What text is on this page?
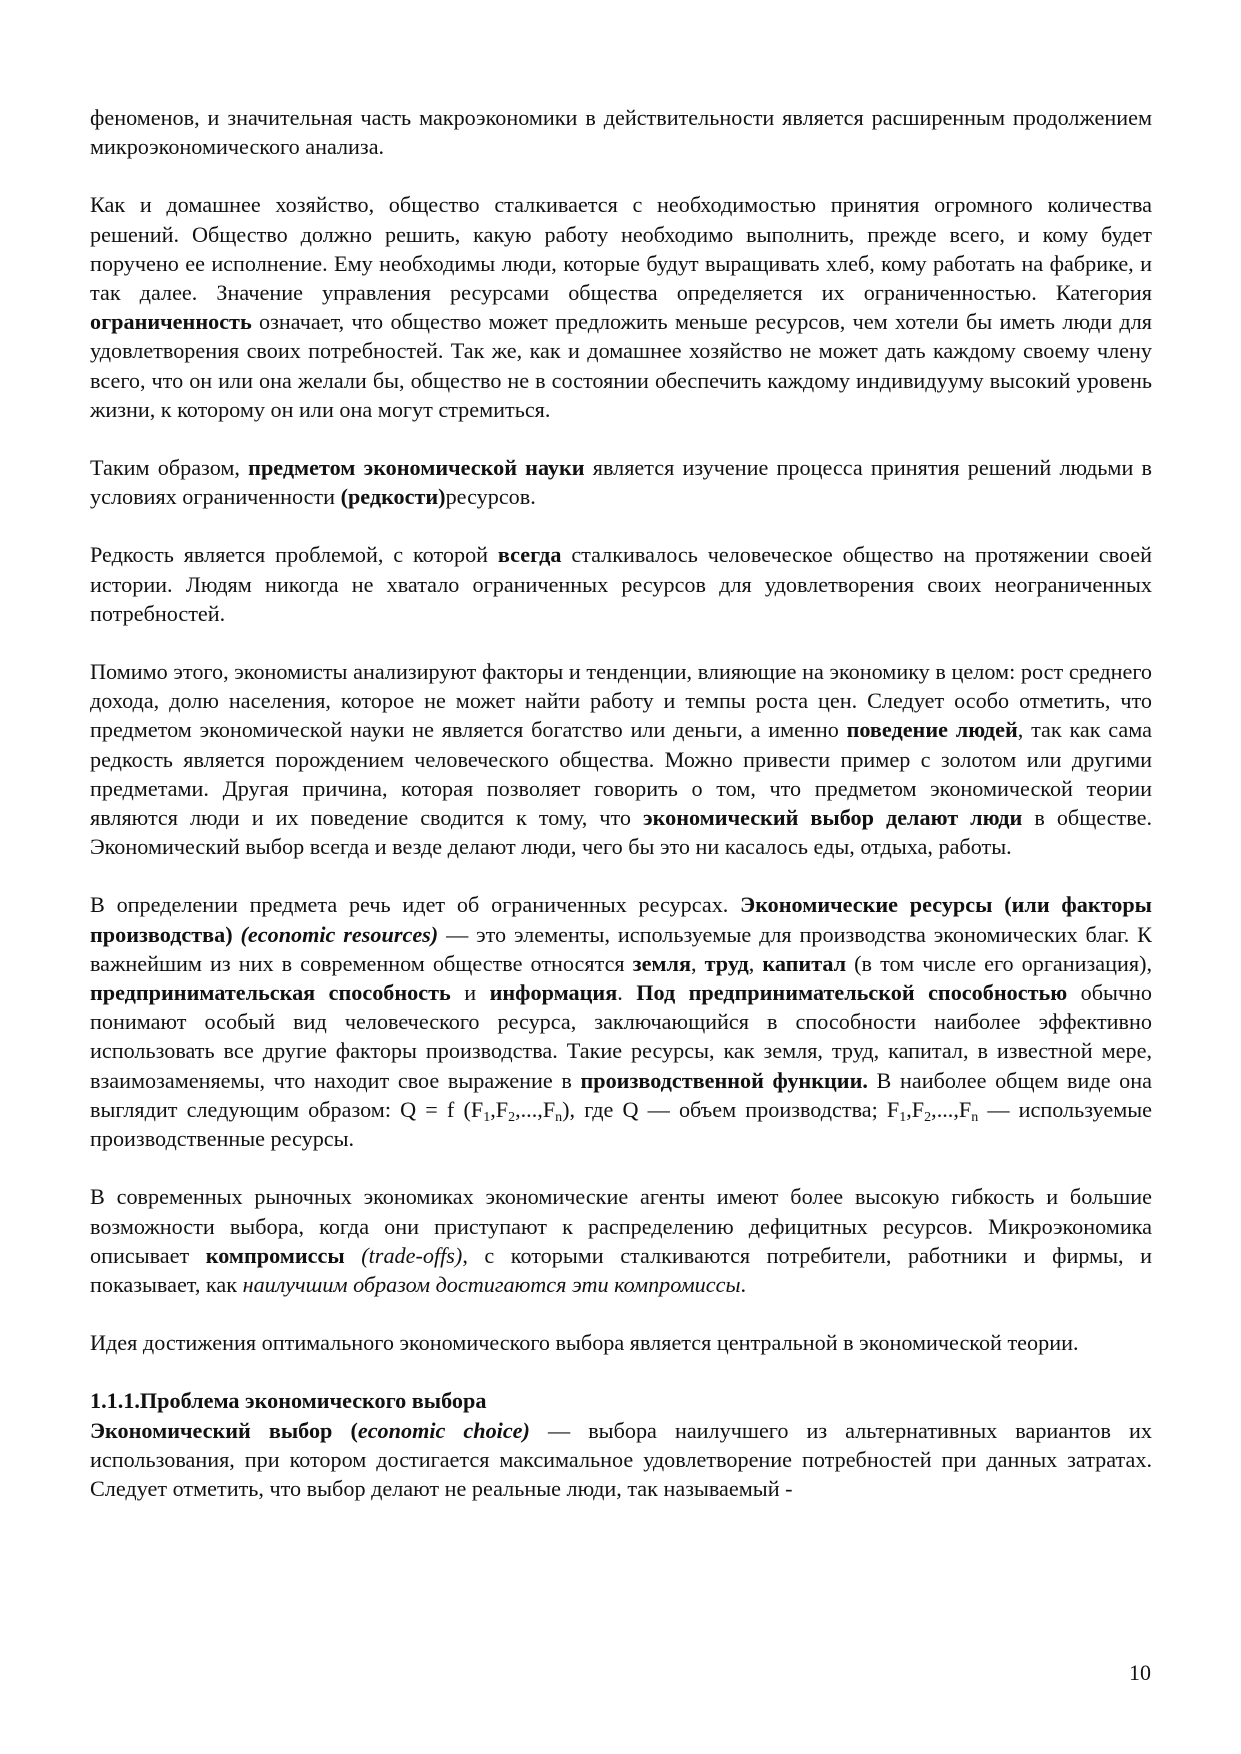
феноменов, и значительная часть макроэкономики в действительности является расширенным продолжением микроэкономического анализа.

Как и домашнее хозяйство, общество сталкивается с необходимостью принятия огромного количества решений. Общество должно решить, какую работу необходимо выполнить, прежде всего, и кому будет поручено ее исполнение. Ему необходимы люди, которые будут выращивать хлеб, кому работать на фабрике, и так далее. Значение управления ресурсами общества определяется их ограниченностью. Категория ограниченность означает, что общество может предложить меньше ресурсов, чем хотели бы иметь люди для удовлетворения своих потребностей. Так же, как и домашнее хозяйство не может дать каждому своему члену всего, что он или она желали бы, общество не в состоянии обеспечить каждому индивидууму высокий уровень жизни, к которому он или она могут стремиться.

Таким образом, предметом экономической науки является изучение процесса принятия решений людьми в условиях ограниченности (редкости)ресурсов.

Редкость является проблемой, с которой всегда сталкивалось человеческое общество на протяжении своей истории. Людям никогда не хватало ограниченных ресурсов для удовлетворения своих неограниченных потребностей.

Помимо этого, экономисты анализируют факторы и тенденции, влияющие на экономику в целом: рост среднего дохода, долю населения, которое не может найти работу и темпы роста цен. Следует особо отметить, что предметом экономической науки не является богатство или деньги, а именно поведение людей, так как сама редкость является порождением человеческого общества. Можно привести пример с золотом или другими предметами. Другая причина, которая позволяет говорить о том, что предметом экономической теории являются люди и их поведение сводится к тому, что экономический выбор делают люди в обществе. Экономический выбор всегда и везде делают люди, чего бы это ни касалось еды, отдыха, работы.

В определении предмета речь идет об ограниченных ресурсах. Экономические ресурсы (или факторы производства) (economic resources) — это элементы, используемые для производства экономических благ. К важнейшим из них в современном обществе относятся земля, труд, капитал (в том числе его организация), предпринимательская способность и информация. Под предпринимательской способностью обычно понимают особый вид человеческого ресурса, заключающийся в способности наиболее эффективно использовать все другие факторы производства. Такие ресурсы, как земля, труд, капитал, в известной мере, взаимозаменяемы, что находит свое выражение в производственной функции. В наиболее общем виде она выглядит следующим образом: Q = f $(F_1,F_2,...,F_n)$, где Q — объем производства; $F_1,F_2,...,F_n$ — используемые производственные ресурсы.

В современных рыночных экономиках экономические агенты имеют более высокую гибкость и большие возможности выбора, когда они приступают к распределению дефицитных ресурсов. Микроэкономика описывает компромиссы (trade-offs), с которыми сталкиваются потребители, работники и фирмы, и показывает, как наилучшим образом достигаются эти компромиссы.

Идея достижения оптимального экономического выбора является центральной в экономической теории.

1.1.1.Проблема экономического выбора

Экономический выбор (economic choice) — выбора наилучшего из альтернативных вариантов их использования, при котором достигается максимальное удовлетворение потребностей при данных затратах. Следует отметить, что выбор делают не реальные люди, так называемый -

10
